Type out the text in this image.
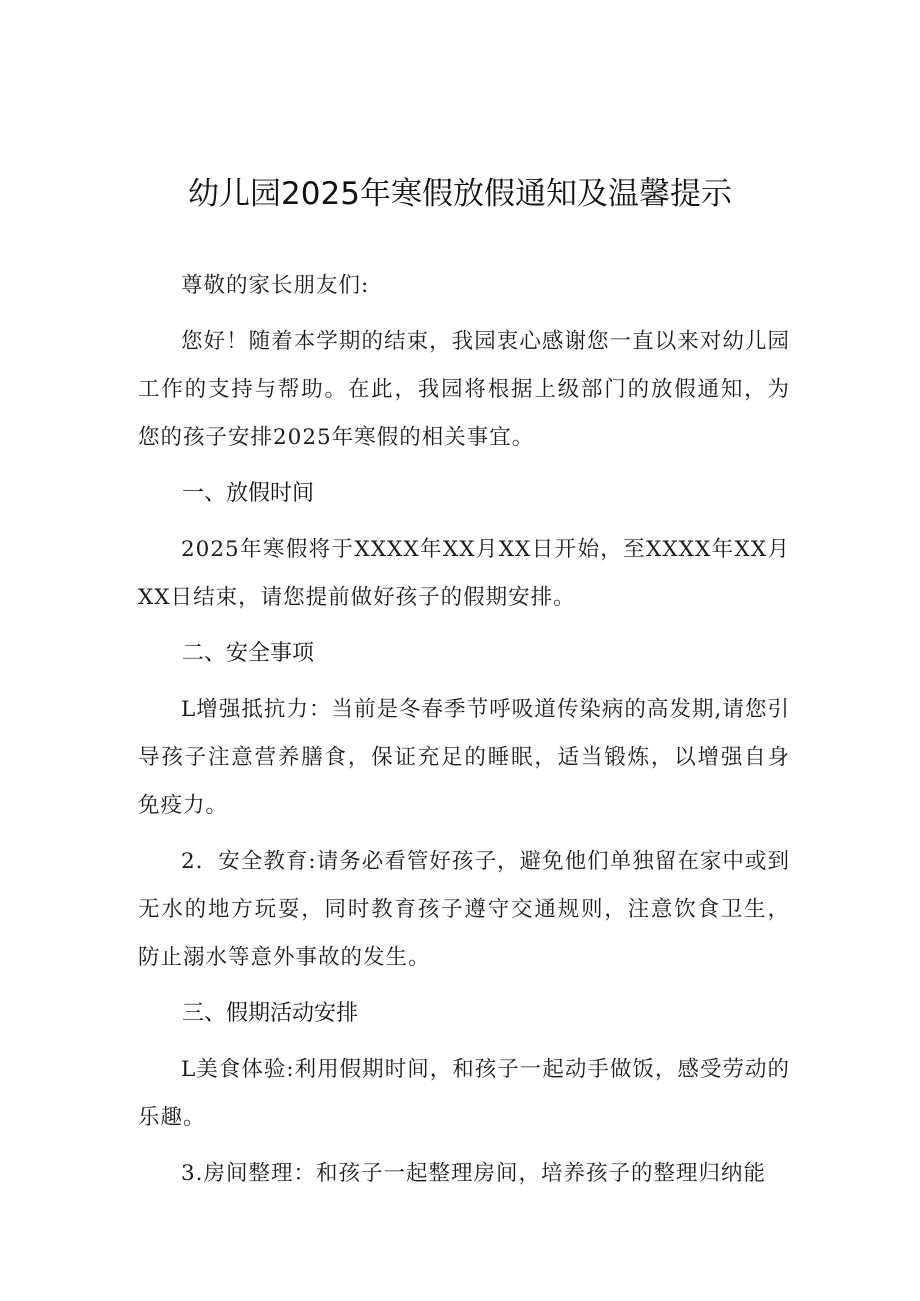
幼儿园2025年寒假放假通知及温馨提示

尊敬的家长朋友们:

您好！随着本学期的结束，我园衷心感谢您一直以来对幼儿园工作的支持与帮助。在此，我园将根据上级部门的放假通知，为您的孩子安排2025年寒假的相关事宜。

一、放假时间

2025年寒假将于XXXX年XX月XX日开始，至XXXX年XX月XX日结束，请您提前做好孩子的假期安排。

二、安全事项

L增强抵抗力：当前是冬春季节呼吸道传染病的高发期,请您引导孩子注意营养膳食，保证充足的睡眠，适当锻炼，以增强自身免疫力。

2．安全教育:请务必看管好孩子，避免他们单独留在家中或到无水的地方玩耍，同时教育孩子遵守交通规则，注意饮食卫生，防止溺水等意外事故的发生。

三、假期活动安排

L美食体验:利用假期时间，和孩子一起动手做饭，感受劳动的乐趣。

3.房间整理：和孩子一起整理房间，培养孩子的整理归纳能
